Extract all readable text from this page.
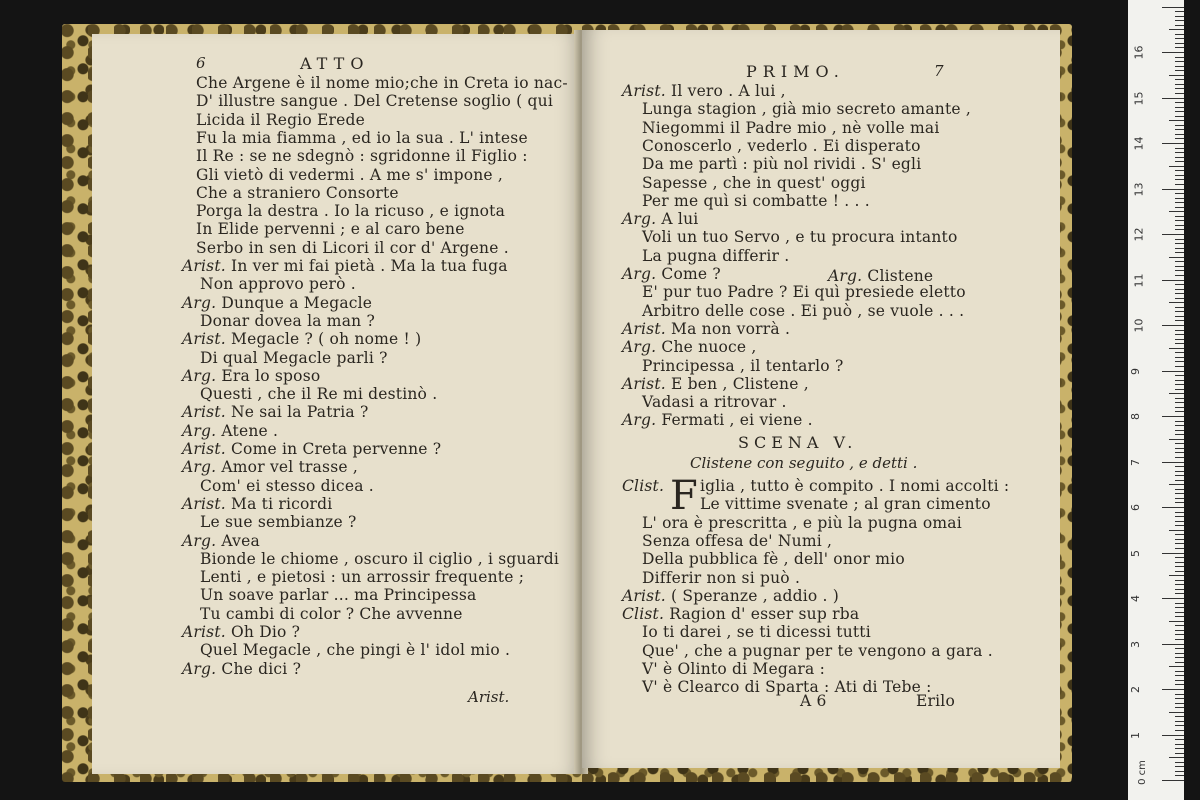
6	ATTO
Arist.
Che Argene è il nome mio;che in Creta io nac-
D' illustre sangue . Del Cretense soglio ( qui
Licida il Regio Erede
Fu la mia fiamma , ed io la sua . L' intese
Il Re : se ne sdegnò : sgridonne il Figlio :
Gli vietò di vedermi . A me s' impone ,
Che a straniero Consorte
Porga la destra . Io la ricuso , e ignota
In Elide pervenni ; e al caro bene
Serbo in sen di Licori il cor d' Argene .
Arist. In ver mi fai pietà . Ma la tua fuga
Non approvo però .
Arg. Dunque a Megacle
Donar dovea la man ?
Arist. Megacle ? ( oh nome ! )
Di qual Megacle parli ?
Arg. Era lo sposo
Questi , che il Re mi destinò .
Arist. Ne sai la Patria ?
Arg. Atene .
Arist. Come in Creta pervenne ?
Arg. Amor vel trasse ,
Com' ei stesso dicea .
Arist. Ma ti ricordi
Le sue sembianze ?
Arg. Avea
Bionde le chiome , oscuro il ciglio , i sguardi
Lenti , e pietosi : un arrossir frequente ;
Un soave parlar ... ma Principessa
Tu cambi di color ? Che avvenne
Arist. Oh Dio ?
Quel Megacle , che pingi è l' idol mio .
Arg. Che dici ?
PRIMO.	7
Arg. Clistene
SCENA V.
Clistene con seguito , e detti .
F
A 6	Erilo
Arist. Il vero . A lui ,
Lunga stagion , già mio secreto amante ,
Niegommi il Padre mio , nè volle mai
Conoscerlo , vederlo . Ei disperato
Da me partì : più nol rividi . S' egli
Sapesse , che in quest' oggi
Per me quì si combatte ! . . .
Arg. A lui
Voli un tuo Servo , e tu procura intanto
La pugna differir .
Arg. Come ?
E' pur tuo Padre ? Ei quì presiede eletto
Arbitro delle cose . Ei può , se vuole . . .
Arist. Ma non vorrà .
Arg. Che nuoce ,
Principessa , il tentarlo ?
Arist. E ben , Clistene ,
Vadasi a ritrovar .
Arg. Fermati , ei viene .
Clist. iglia , tutto è compito . I nomi accolti :
Le vittime svenate ; al gran cimento
L' ora è prescritta , e più la pugna omai
Senza offesa de' Numi ,
Della pubblica fè , dell' onor mio
Differir non si può .
Arist. ( Speranze , addio . )
Clist. Ragion d' esser sup rba
Io ti darei , se ti dicessi tutti
Que' , che a pugnar per te vengono a gara .
V' è Olinto di Megara :
V' è Clearco di Sparta : Ati di Tebe :
0 cm
16
15
14
13
12
11
10
9
8
7
6
5
4
3
2
1
